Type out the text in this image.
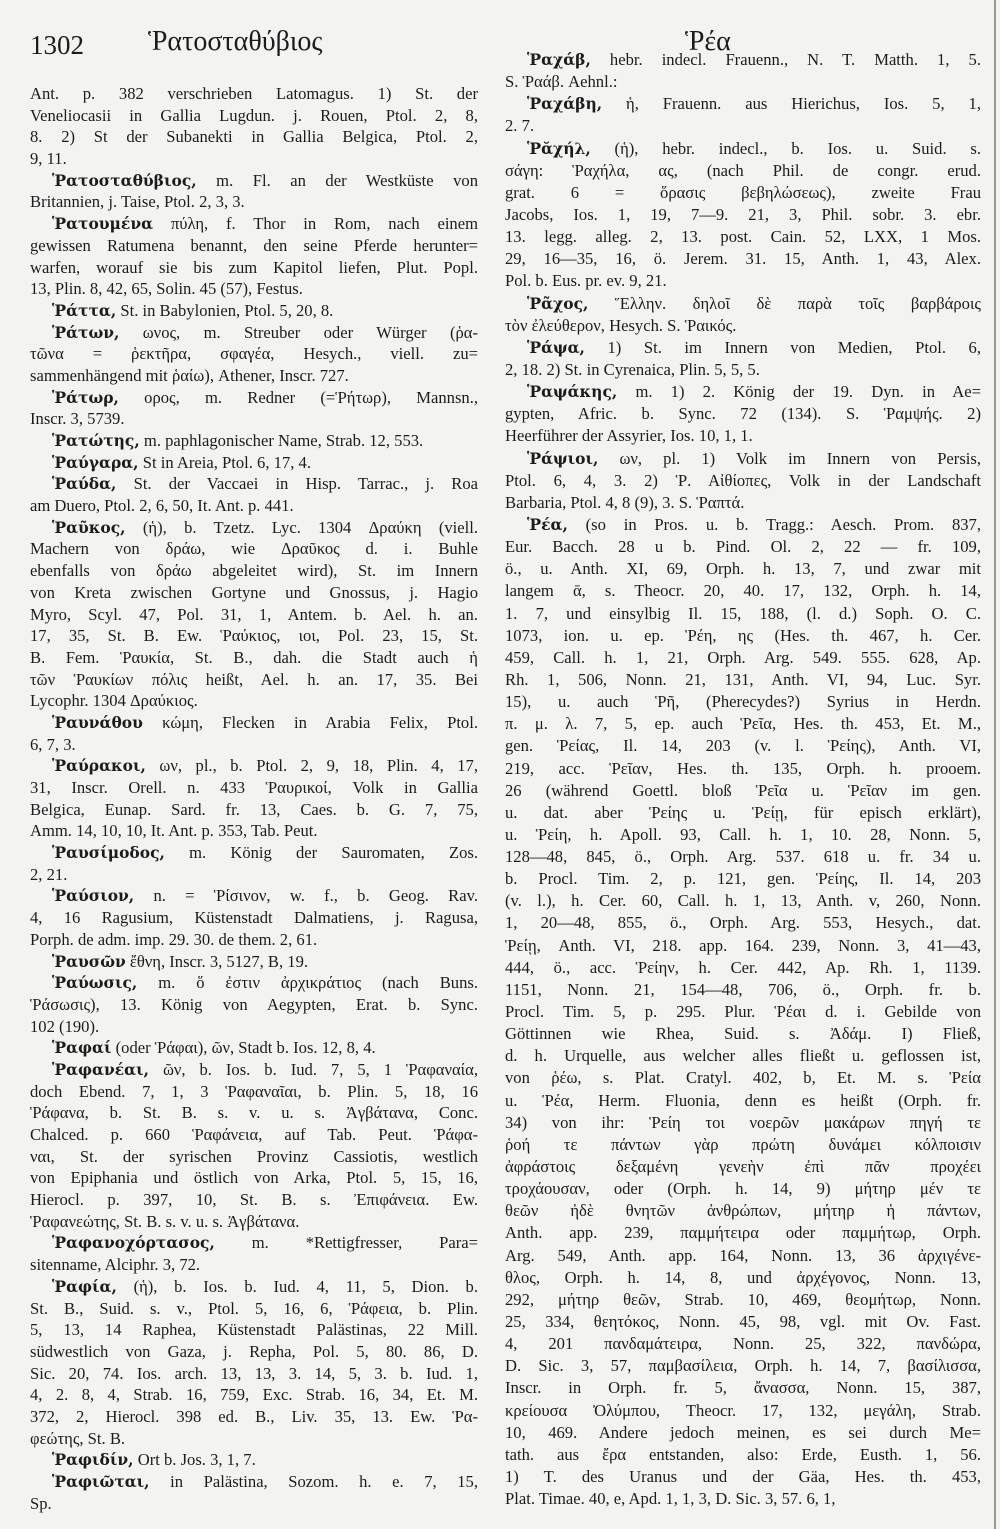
1302 Ῥατοσταθύβιος	Ῥέα
Ant. p. 382 verschrieben Latomagus. 1) St. der
Veneliocasii in Gallia Lugdun. j. Rouen, Ptol. 2, 8,
8. 2) St der Subanekti in Gallia Belgica, Ptol. 2,
9, 11.
Ῥατοσταθύβιος, m. Fl. an der Westküste von
Britannien, j. Taise, Ptol. 2, 3, 3.
Ῥατουμένα πύλη, f. Thor in Rom, nach einem
gewissen Ratumena benannt, den seine Pferde herunter=
warfen, worauf sie bis zum Kapitol liefen, Plut. Popl.
13, Plin. 8, 42, 65, Solin. 45 (57), Festus.
Ῥάττα, St. in Babylonien, Ptol. 5, 20, 8.
Ῥάτων, ωνος, m. Streuber oder Würger (ῥα-
τῶνα = ῥεκτῆρα, σφαγέα, Hesych., viell. zu=
sammenhängend mit ῥαίω), Athener, Inscr. 727.
Ῥάτωρ, ορος, m. Redner (=Ῥήτωρ), Mannsn.,
Inscr. 3, 5739.
Ῥατώτης, m. paphlagonischer Name, Strab. 12, 553.
Ῥαύγαρα, St in Areia, Ptol. 6, 17, 4.
Ῥαύδα, St. der Vaccaei in Hisp. Tarrac., j. Roa
am Duero, Ptol. 2, 6, 50, It. Ant. p. 441.
Ῥαῦκος, (ἡ), b. Tzetz. Lyc. 1304 Δραύκη (viell.
Machern von δράω, wie Δραῦκος d. i. Buhle
ebenfalls von δράω abgeleitet wird), St. im Innern
von Kreta zwischen Gortyne und Gnossus, j. Hagio
Myro, Scyl. 47, Pol. 31, 1, Antem. b. Ael. h. an.
17, 35, St. B. Ew. Ῥαύκιος, ιοι, Pol. 23, 15, St.
B. Fem. Ῥαυκία, St. B., dah. die Stadt auch ἡ
τῶν Ῥαυκίων πόλις heißt, Ael. h. an. 17, 35. Bei
Lycophr. 1304 Δραύκιος.
Ῥαυνάθου κώμη, Flecken in Arabia Felix, Ptol.
6, 7, 3.
Ῥαύρακοι, ων, pl., b. Ptol. 2, 9, 18, Plin. 4, 17,
31, Inscr. Orell. n. 433 Ῥαυρικοί, Volk in Gallia
Belgica, Eunap. Sard. fr. 13, Caes. b. G. 7, 75,
Amm. 14, 10, 10, It. Ant. p. 353, Tab. Peut.
Ῥαυσίμοδος, m. König der Sauromaten, Zos.
2, 21.
Ῥαύσιον, n. = Ῥίσινον, w. f., b. Geog. Rav.
4, 16 Ragusium, Küstenstadt Dalmatiens, j. Ragusa,
Porph. de adm. imp. 29. 30. de them. 2, 61.
Ῥαυσῶν ἔθνη, Inscr. 3, 5127, B, 19.
Ῥαύωσις, m. ὅ ἐστιν ἀρχικράτιος (nach Buns.
Ῥάσωσις), 13. König von Aegypten, Erat. b. Sync.
102 (190).
Ῥαφαί (oder Ῥάφαι), ῶν, Stadt b. Ios. 12, 8, 4.
Ῥαφανέαι, ῶν, b. Ios. b. Iud. 7, 5, 1 Ῥαφαναία,
doch Ebend. 7, 1, 3 Ῥαφαναῖαι, b. Plin. 5, 18, 16
Ῥάφανα, b. St. B. s. v. u. s. Ἀγβάτανα, Conc.
Chalced. p. 660 Ῥαφάνεια, auf Tab. Peut. Ῥάφα-
ναι, St. der syrischen Provinz Cassiotis, westlich
von Epiphania und östlich von Arka, Ptol. 5, 15, 16,
Hierocl. p. 397, 10, St. B. s. Ἐπιφάνεια. Ew.
Ῥαφανεώτης, St. B. s. v. u. s. Ἀγβάτανα.
Ῥαφανοχόρτασος, m. *Rettigfresser, Para=
sitenname, Alciphr. 3, 72.
Ῥαφία, (ἡ), b. Ios. b. Iud. 4, 11, 5, Dion. b.
St. B., Suid. s. v., Ptol. 5, 16, 6, Ῥάφεια, b. Plin.
5, 13, 14 Raphea, Küstenstadt Palästinas, 22 Mill.
südwestlich von Gaza, j. Repha, Pol. 5, 80. 86, D.
Sic. 20, 74. Ios. arch. 13, 13, 3. 14, 5, 3. b. Iud. 1,
4, 2. 8, 4, Strab. 16, 759, Exc. Strab. 16, 34, Et. M.
372, 2, Hierocl. 398 ed. B., Liv. 35, 13. Ew. Ῥα-
φεώτης, St. B.
Ῥαφιδίν, Ort b. Jos. 3, 1, 7.
Ῥαφιῶται, in Palästina, Sozom. h. e. 7, 15,
Sp.
Ῥαχάβ, hebr. indecl. Frauenn., N. T. Matth. 1, 5.
S. Ῥαάβ. Aehnl.:
Ῥαχάβη, ἡ, Frauenn. aus Hierichus, Ios. 5, 1,
2. 7.
Ῥᾰχήλ, (ἡ), hebr. indecl., b. Ios. u. Suid. s.
σάγη: Ῥαχήλα, ας, (nach Phil. de congr. erud.
grat. 6 = ὅρασις βεβηλώσεως), zweite Frau
Jacobs, Ios. 1, 19, 7—9. 21, 3, Phil. sobr. 3. ebr.
13. legg. alleg. 2, 13. post. Cain. 52, LXX, 1 Mos.
29, 16—35, 16, ö. Jerem. 31. 15, Anth. 1, 43, Alex.
Pol. b. Eus. pr. ev. 9, 21.
Ῥᾶχος, Ἕλλην. δηλοῖ δὲ παρὰ τοῖς βαρβάροις
τὸν ἐλεύθερον, Hesych. S. Ῥαικός.
Ῥάψα, 1) St. im Innern von Medien, Ptol. 6,
2, 18. 2) St. in Cyrenaica, Plin. 5, 5, 5.
Ῥαψάκης, m. 1) 2. König der 19. Dyn. in Ae=
gypten, Afric. b. Sync. 72 (134). S. Ῥαμψής. 2)
Heerführer der Assyrier, Ios. 10, 1, 1.
Ῥάψιοι, ων, pl. 1) Volk im Innern von Persis,
Ptol. 6, 4, 3. 2) Ῥ. Αἰθίοπες, Volk in der Landschaft
Barbaria, Ptol. 4, 8 (9), 3. S. Ῥαπτά.
Ῥέα, (so in Pros. u. b. Tragg.: Aesch. Prom. 837,
Eur. Bacch. 28 u b. Pind. Ol. 2, 22 — fr. 109,
ö., u. Anth. XI, 69, Orph. h. 13, 7, und zwar mit
langem ᾱ, s. Theocr. 20, 40. 17, 132, Orph. h. 14,
1. 7, und einsylbig Il. 15, 188, (l. d.) Soph. O. C.
1073, ion. u. ep. Ῥέη, ης (Hes. th. 467, h. Cer.
459, Call. h. 1, 21, Orph. Arg. 549. 555. 628, Ap.
Rh. 1, 506, Nonn. 21, 131, Anth. VI, 94, Luc. Syr.
15), u. auch Ῥῆ, (Pherecydes?) Syrius in Herdn.
π. μ. λ. 7, 5, ep. auch Ῥεῖα, Hes. th. 453, Et. M.,
gen. Ῥείας, Il. 14, 203 (v. l. Ῥείης), Anth. VI,
219, acc. Ῥεῖαν, Hes. th. 135, Orph. h. prooem.
26 (während Goettl. bloß Ῥεῖα u. Ῥεῖαν im gen.
u. dat. aber Ῥείης u. Ῥείῃ, für episch erklärt),
u. Ῥείη, h. Apoll. 93, Call. h. 1, 10. 28, Nonn. 5,
128—48, 845, ö., Orph. Arg. 537. 618 u. fr. 34 u.
b. Procl. Tim. 2, p. 121, gen. Ῥείης, Il. 14, 203
(v. l.), h. Cer. 60, Call. h. 1, 13, Anth. v, 260, Nonn.
1, 20—48, 855, ö., Orph. Arg. 553, Hesych., dat.
Ῥείῃ, Anth. VI, 218. app. 164. 239, Nonn. 3, 41—43,
444, ö., acc. Ῥείην, h. Cer. 442, Ap. Rh. 1, 1139.
1151, Nonn. 21, 154—48, 706, ö., Orph. fr. b.
Procl. Tim. 5, p. 295. Plur. Ῥέαι d. i. Gebilde von
Göttinnen wie Rhea, Suid. s. Ἀδάμ. I) Fließ,
d. h. Urquelle, aus welcher alles fließt u. geflossen ist,
von ῥέω, s. Plat. Cratyl. 402, b, Et. M. s. Ῥεία
u. Ῥέα, Herm. Fluonia, denn es heißt (Orph. fr.
34) von ihr: Ῥείη τοι νοερῶν μακάρων πηγή τε
ῥοή τε πάντων γὰρ πρώτη δυνάμει κόλποισιν
ἀφράστοις δεξαμένη γενεὴν ἐπὶ πᾶν προχέει
τροχάουσαν, oder (Orph. h. 14, 9) μήτηρ μέν τε
θεῶν ἠδὲ θνητῶν ἀνθρώπων, μήτηρ ἡ πάντων,
Anth. app. 239, παμμήτειρα oder παμμήτωρ, Orph.
Arg. 549, Anth. app. 164, Nonn. 13, 36 ἀρχιγένε-
θλος, Orph. h. 14, 8, und ἀρχέγονος, Nonn. 13,
292, μήτηρ θεῶν, Strab. 10, 469, θεομήτωρ, Nonn.
25, 334, θεητόκος, Nonn. 45, 98, vgl. mit Ov. Fast.
4, 201 πανδαμάτειρα, Nonn. 25, 322, πανδώρα,
D. Sic. 3, 57, παμβασίλεια, Orph. h. 14, 7, βασίλισσα,
Inscr. in Orph. fr. 5, ἄνασσα, Nonn. 15, 387,
κρείουσα Ὀλύμπου, Theocr. 17, 132, μεγάλη, Strab.
10, 469. Andere jedoch meinen, es sei durch Me=
tath. aus ἔρα entstanden, also: Erde, Eusth. 1, 56.
1) T. des Uranus und der Gäa, Hes. th. 453,
Plat. Timae. 40, e, Apd. 1, 1, 3, D. Sic. 3, 57. 6, 1,
